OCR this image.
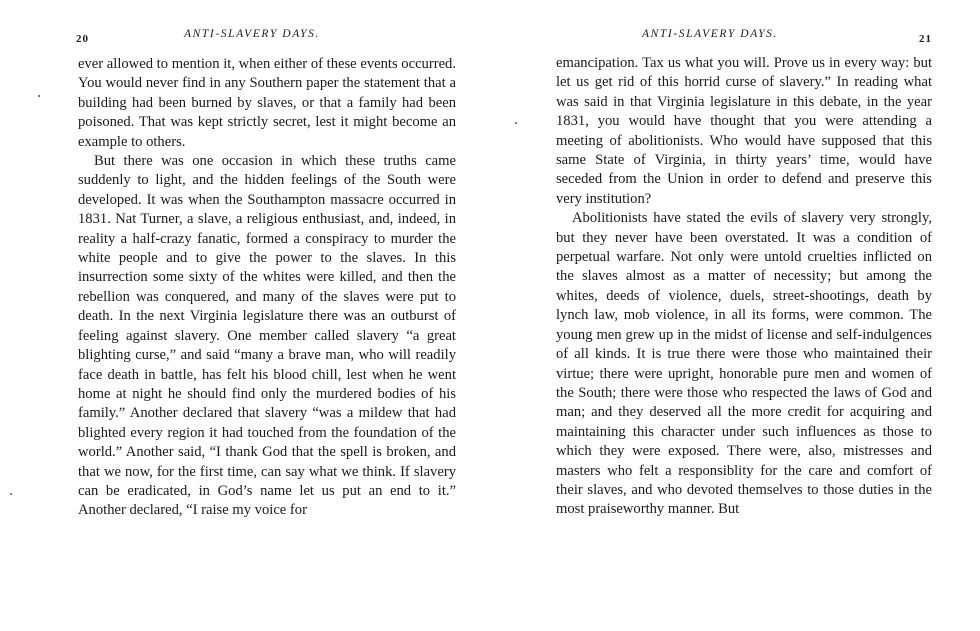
20	ANTI-SLAVERY DAYS.

ever allowed to mention it, when either of these events occurred. You would never find in any Southern paper the statement that a building had been burned by slaves, or that a family had been poisoned. That was kept strictly secret, lest it might become an example to others.

But there was one occasion in which these truths came suddenly to light, and the hidden feelings of the South were developed. It was when the Southampton massacre occurred in 1831. Nat Turner, a slave, a religious enthusiast, and, indeed, in reality a half-crazy fanatic, formed a conspiracy to murder the white people and to give the power to the slaves. In this insurrection some sixty of the whites were killed, and then the rebellion was conquered, and many of the slaves were put to death. In the next Virginia legislature there was an outburst of feeling against slavery. One member called slavery “a great blighting curse,” and said “many a brave man, who will readily face death in battle, has felt his blood chill, lest when he went home at night he should find only the murdered bodies of his family.” Another declared that slavery “was a mildew that had blighted every region it had touched from the foundation of the world.” Another said, “I thank God that the spell is broken, and that we now, for the first time, can say what we think. If slavery can be eradicated, in God’s name let us put an end to it.” Another declared, “I raise my voice for

ANTI-SLAVERY DAYS.	21

emancipation. Tax us what you will. Prove us in every way: but let us get rid of this horrid curse of slavery.” In reading what was said in that Virginia legislature in this debate, in the year 1831, you would have thought that you were attending a meeting of abolitionists. Who would have supposed that this same State of Virginia, in thirty years’ time, would have seceded from the Union in order to defend and preserve this very institution?

Abolitionists have stated the evils of slavery very strongly, but they never have been overstated. It was a condition of perpetual warfare. Not only were untold cruelties inflicted on the slaves almost as a matter of necessity; but among the whites, deeds of violence, duels, street-shootings, death by lynch law, mob violence, in all its forms, were common. The young men grew up in the midst of license and self-indulgences of all kinds. It is true there were those who maintained their virtue; there were upright, honorable pure men and women of the South; there were those who respected the laws of God and man; and they deserved all the more credit for acquiring and maintaining this character under such influences as those to which they were exposed. There were, also, mistresses and masters who felt a responsiblity for the care and comfort of their slaves, and who devoted themselves to those duties in the most praiseworthy manner. But
